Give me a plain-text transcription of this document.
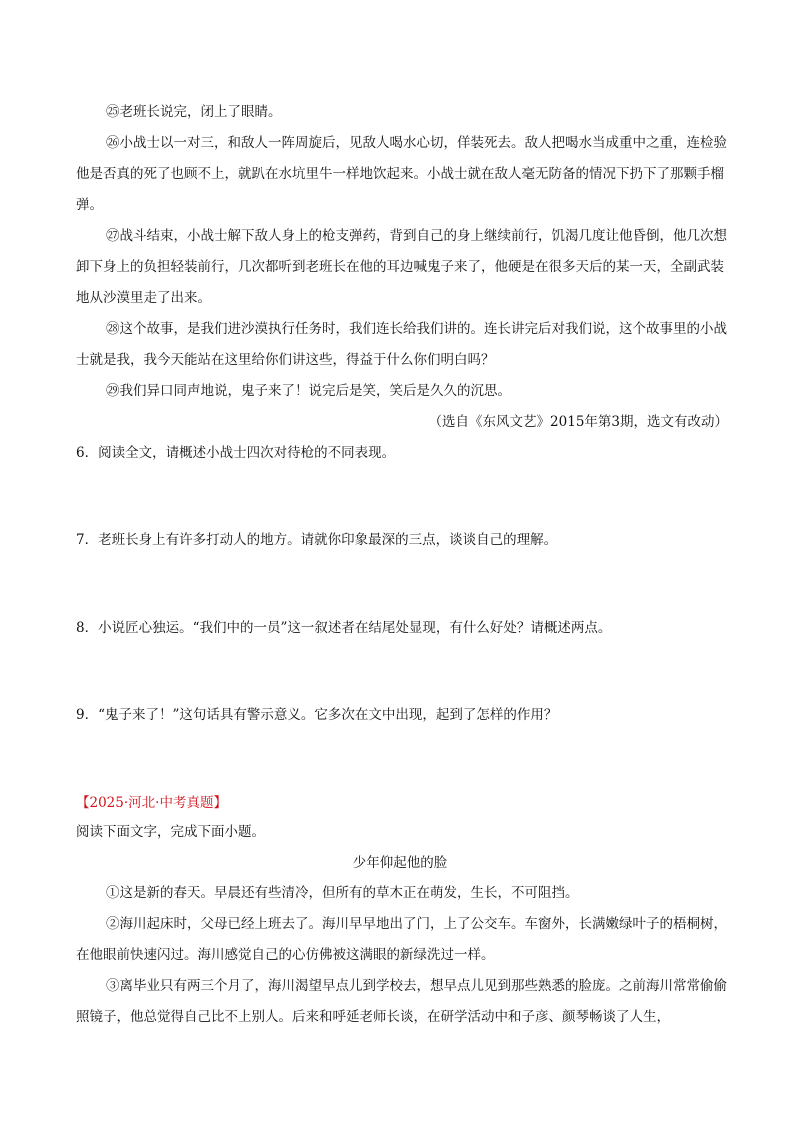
㉕老班长说完，闭上了眼睛。

㉖小战士以一对三，和敌人一阵周旋后，见敌人喝水心切，佯装死去。敌人把喝水当成重中之重，连检验他是否真的死了也顾不上，就趴在水坑里牛一样地饮起来。小战士就在敌人毫无防备的情况下扔下了那颗手榴弹。

㉗战斗结束，小战士解下敌人身上的枪支弹药，背到自己的身上继续前行，饥渴几度让他昏倒，他几次想卸下身上的负担轻装前行，几次都听到老班长在他的耳边喊鬼子来了，他硬是在很多天后的某一天，全副武装地从沙漠里走了出来。

㉘这个故事，是我们进沙漠执行任务时，我们连长给我们讲的。连长讲完后对我们说，这个故事里的小战士就是我，我今天能站在这里给你们讲这些，得益于什么你们明白吗？

㉙我们异口同声地说，鬼子来了！说完后是笑，笑后是久久的沉思。

（选自《东风文艺》2015年第3期，选文有改动）
6．阅读全文，请概述小战士四次对待枪的不同表现。
7．老班长身上有许多打动人的地方。请就你印象最深的三点，谈谈自己的理解。
8．小说匠心独运。“我们中的一员”这一叙述者在结尾处显现，有什么好处？请概述两点。
9．“鬼子来了！”这句话具有警示意义。它多次在文中出现，起到了怎样的作用？
【2025·河北·中考真题】
阅读下面文字，完成下面小题。
少年仰起他的脸

①这是新的春天。早晨还有些清冷，但所有的草木正在萌发，生长，不可阻挡。

②海川起床时，父母已经上班去了。海川早早地出了门，上了公交车。车窗外，长满嫩绿叶子的梧桐树，在他眼前快速闪过。海川感觉自己的心仿佛被这满眼的新绿洗过一样。

③离毕业只有两三个月了，海川渴望早点儿到学校去，想早点儿见到那些熟悉的脸庞。之前海川常常偷偷照镜子，他总觉得自己比不上别人。后来和呼延老师长谈，在研学活动中和子彦、颜琴畅谈了人生，
